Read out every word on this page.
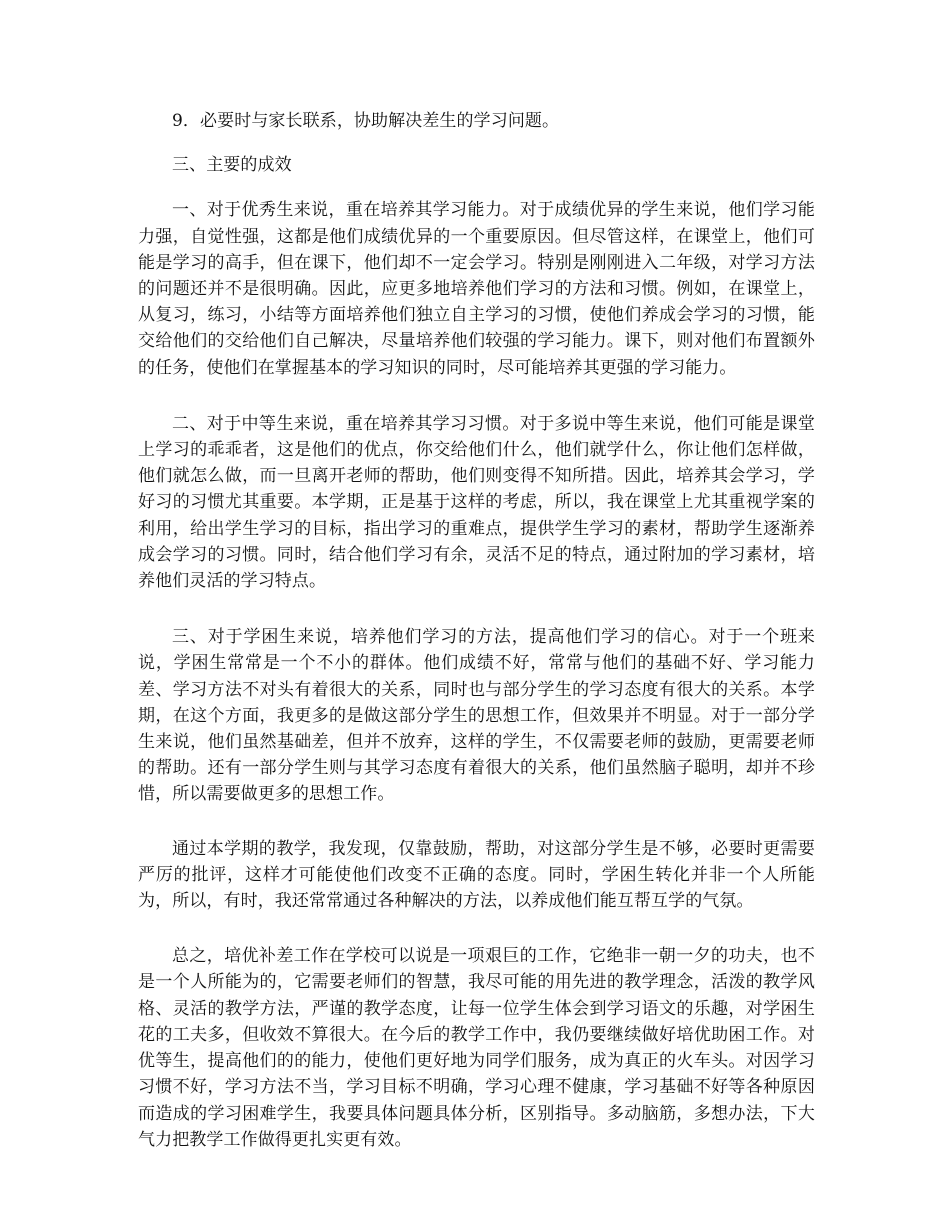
9．必要时与家长联系，协助解决差生的学习问题。

三、主要的成效

一、对于优秀生来说，重在培养其学习能力。对于成绩优异的学生来说，他们学习能力强，自觉性强，这都是他们成绩优异的一个重要原因。但尽管这样，在课堂上，他们可能是学习的高手，但在课下，他们却不一定会学习。特别是刚刚进入二年级，对学习方法的问题还并不是很明确。因此，应更多地培养他们学习的方法和习惯。例如，在课堂上，从复习，练习，小结等方面培养他们独立自主学习的习惯，使他们养成会学习的习惯，能交给他们的交给他们自己解决，尽量培养他们较强的学习能力。课下，则对他们布置额外的任务，使他们在掌握基本的学习知识的同时，尽可能培养其更强的学习能力。

二、对于中等生来说，重在培养其学习习惯。对于多说中等生来说，他们可能是课堂上学习的乖乖者，这是他们的优点，你交给他们什么，他们就学什么，你让他们怎样做，他们就怎么做，而一旦离开老师的帮助，他们则变得不知所措。因此，培养其会学习，学好习的习惯尤其重要。本学期，正是基于这样的考虑，所以，我在课堂上尤其重视学案的利用，给出学生学习的目标，指出学习的重难点，提供学生学习的素材，帮助学生逐渐养成会学习的习惯。同时，结合他们学习有余，灵活不足的特点，通过附加的学习素材，培养他们灵活的学习特点。

三、对于学困生来说，培养他们学习的方法，提高他们学习的信心。对于一个班来说，学困生常常是一个不小的群体。他们成绩不好，常常与他们的基础不好、学习能力差、学习方法不对头有着很大的关系，同时也与部分学生的学习态度有很大的关系。本学期，在这个方面，我更多的是做这部分学生的思想工作，但效果并不明显。对于一部分学生来说，他们虽然基础差，但并不放弃，这样的学生，不仅需要老师的鼓励，更需要老师的帮助。还有一部分学生则与其学习态度有着很大的关系，他们虽然脑子聪明，却并不珍惜，所以需要做更多的思想工作。

通过本学期的教学，我发现，仅靠鼓励，帮助，对这部分学生是不够，必要时更需要严厉的批评，这样才可能使他们改变不正确的态度。同时，学困生转化并非一个人所能为，所以，有时，我还常常通过各种解决的方法，以养成他们能互帮互学的气氛。

总之，培优补差工作在学校可以说是一项艰巨的工作，它绝非一朝一夕的功夫，也不是一个人所能为的，它需要老师们的智慧，我尽可能的用先进的教学理念，活泼的教学风格、灵活的教学方法，严谨的教学态度，让每一位学生体会到学习语文的乐趣，对学困生花的工夫多，但收效不算很大。在今后的教学工作中，我仍要继续做好培优助困工作。对优等生，提高他们的的能力，使他们更好地为同学们服务，成为真正的火车头。对因学习习惯不好，学习方法不当，学习目标不明确，学习心理不健康，学习基础不好等各种原因而造成的学习困难学生，我要具体问题具体分析，区别指导。多动脑筋，多想办法，下大气力把教学工作做得更扎实更有效。
